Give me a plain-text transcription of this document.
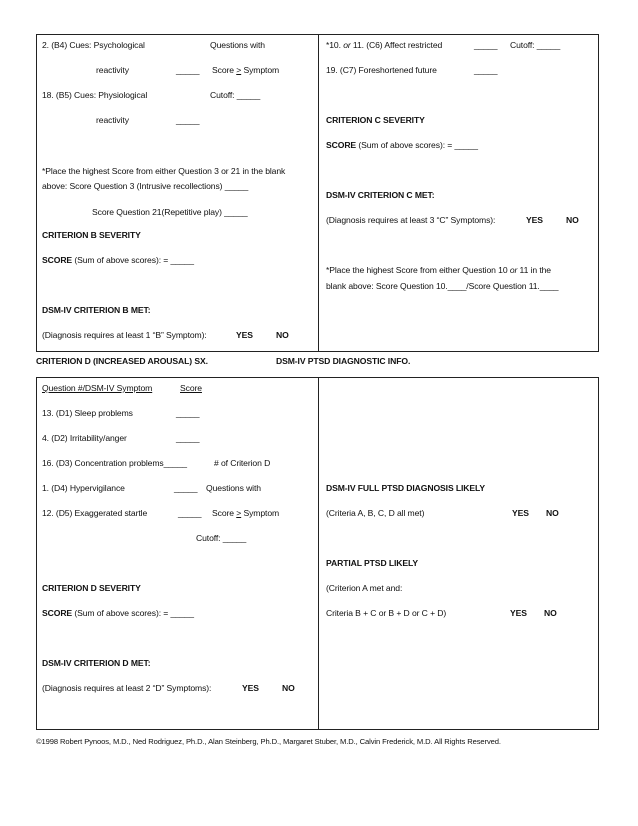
2. (B4) Cues: Psychological	Questions with
reactivity	_____ Score > Symptom
18. (B5) Cues: Physiological	Cutoff: _____
reactivity	_____
*Place the highest Score from either Question 3 or 21 in the blank above: Score Question 3 (Intrusive recollections) _____
Score Question 21(Repetitive play) _____
CRITERION B SEVERITY
SCORE (Sum of above scores): = _____
DSM-IV CRITERION B MET:
(Diagnosis requires at least 1 “B” Symptom):	YES	NO
*10. or 11. (C6) Affect restricted	_____ Cutoff: _____
19. (C7) Foreshortened future	_____
CRITERION C SEVERITY
SCORE (Sum of above scores): = _____
DSM-IV CRITERION C MET:
(Diagnosis requires at least 3 “C” Symptoms):	YES	NO
*Place the highest Score from either Question 10 or 11 in the
blank above: Score Question 10.____/Score Question 11.____
CRITERION D (INCREASED AROUSAL) SX.	DSM-IV PTSD DIAGNOSTIC INFO.
Question #/DSM-IV Symptom	Score
13. (D1) Sleep problems	_____
4. (D2) Irritability/anger	_____
16. (D3) Concentration problems_____	# of Criterion D
1. (D4) Hypervigilance	_____ Questions with
12. (D5) Exaggerated startle	_____ Score > Symptom
Cutoff: _____
CRITERION D SEVERITY
SCORE (Sum of above scores): = _____
DSM-IV CRITERION D MET:
(Diagnosis requires at least 2 “D” Symptoms):	YES	NO
DSM-IV FULL PTSD DIAGNOSIS LIKELY
(Criteria A, B, C, D all met)	YES NO
PARTIAL PTSD LIKELY
(Criterion A met and:
Criteria B + C or B + D or C + D)	YES NO
©1998 Robert Pynoos, M.D., Ned Rodriguez, Ph.D., Alan Steinberg, Ph.D., Margaret Stuber, M.D., Calvin Frederick, M.D. All Rights Reserved.
